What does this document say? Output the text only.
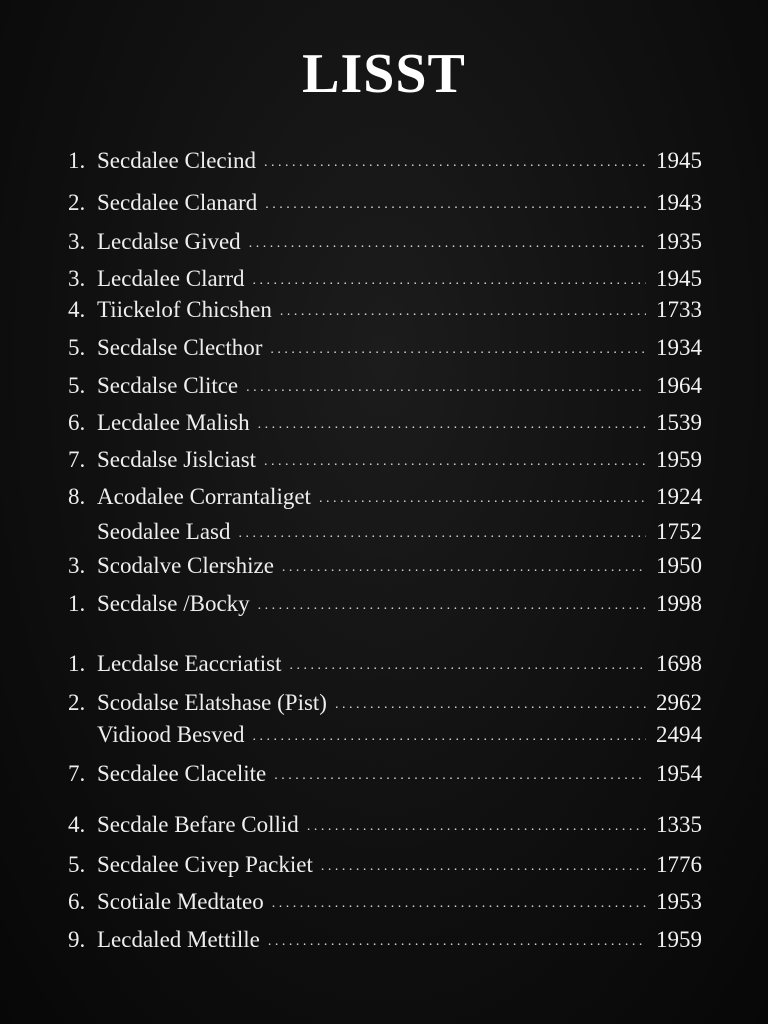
LISST
1. Secdalee Clecind . . .	1945
2. Secdalee Clanard . . .	1943
3. Lecdalse Gived . . .	1935
3. Lecdalee Clarrd . . .	1945
4. Tiickelof Chicshen . . .	1733
5. Secdalse Clecthor . . .	1934
5. Secdalse Clitce . . .	1964
6. Lecdalee Malish . . .	1539
7. Secdalse Jislciast . . .	1959
8. Acodalee Corrantaliget . . .	1924
Seodalee Lasd . . .	1752
3. Scodalve Clershize . . .	1950
1. Secdalse /Bocky . . .	1998
1. Lecdalse Eaccriatist . . .	1698
2. Scodalse Elatshase (Pist) . . .	2962
Vidiood Besved . . .	2494
7. Secdalee Clacelite . . .	1954
4. Secdale Befare Collid . . .	1335
5. Secdalee Civep Packiet . . .	1776
6. Scotiale Medtateo . . .	1953
9. Lecdaled Mettille . . .	1959
